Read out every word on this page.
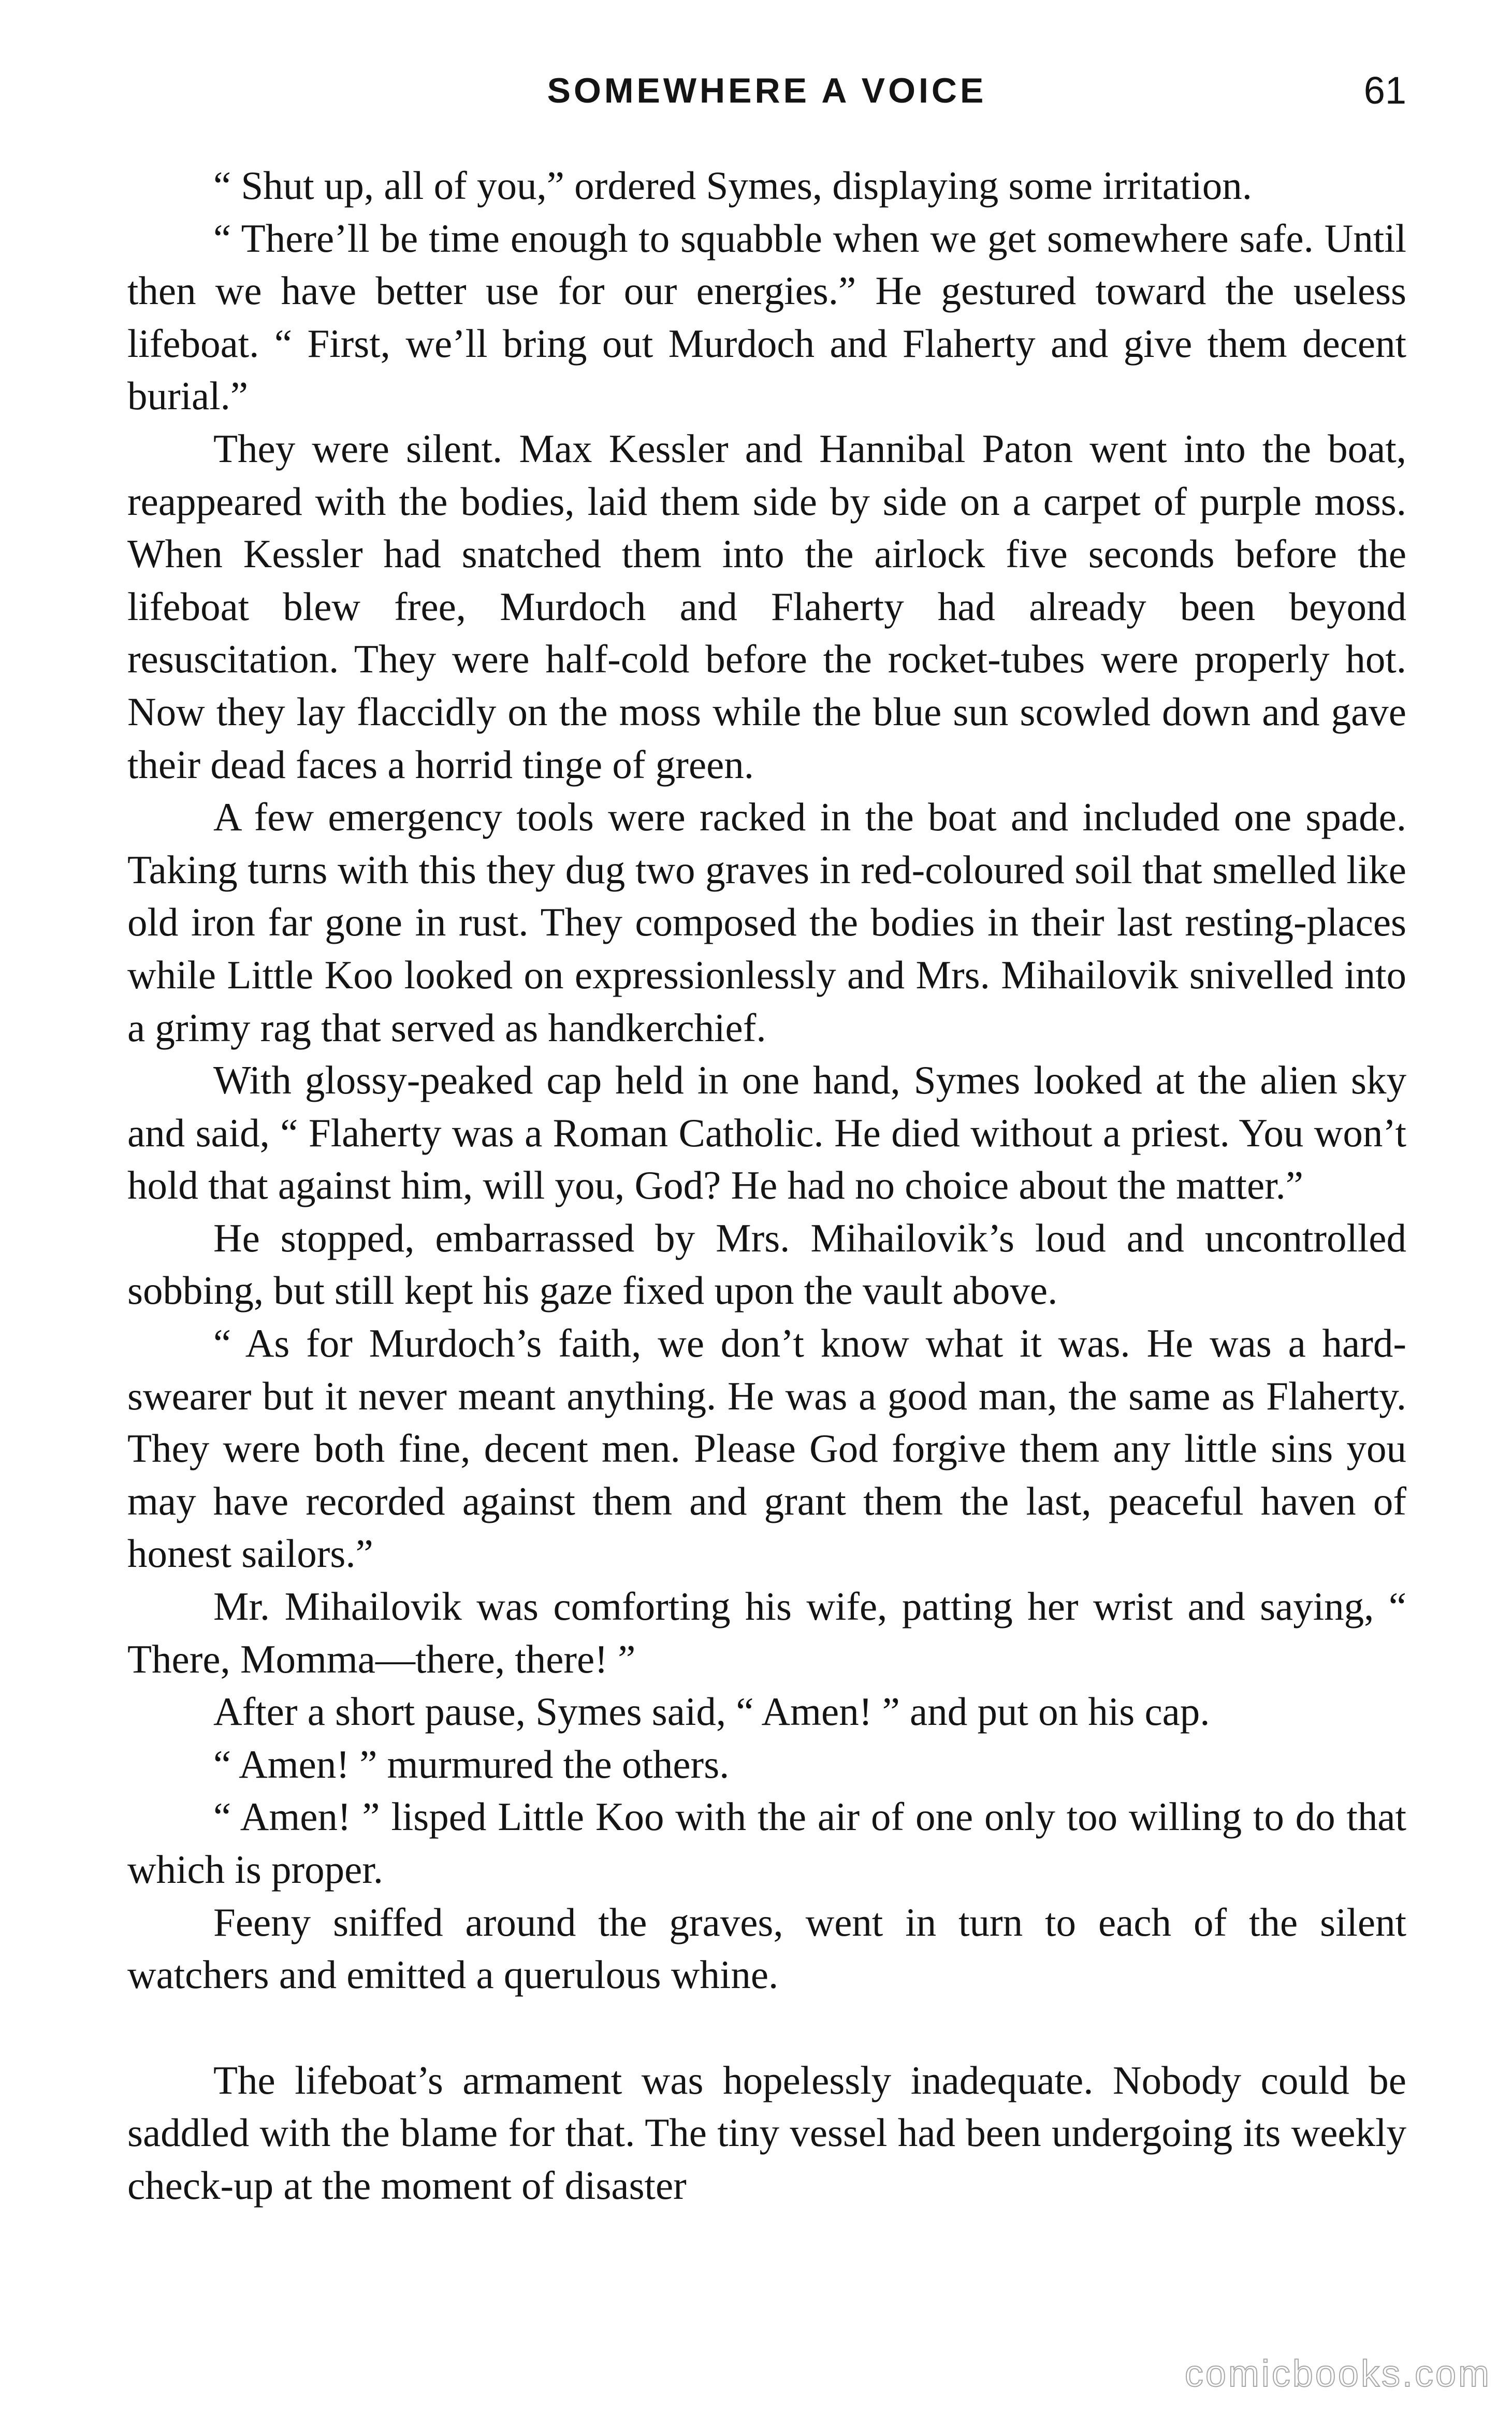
SOMEWHERE A VOICE	61

“ Shut up, all of you,” ordered Symes, displaying some irritation.

“ There’ll be time enough to squabble when we get somewhere safe. Until then we have better use for our energies.” He gestured toward the useless lifeboat. “ First, we’ll bring out Murdoch and Flaherty and give them decent burial.”

They were silent. Max Kessler and Hannibal Paton went into the boat, reappeared with the bodies, laid them side by side on a carpet of purple moss. When Kessler had snatched them into the airlock five seconds before the lifeboat blew free, Murdoch and Flaherty had already been beyond resuscitation. They were half-cold before the rocket-tubes were properly hot. Now they lay flaccidly on the moss while the blue sun scowled down and gave their dead faces a horrid tinge of green.

A few emergency tools were racked in the boat and included one spade. Taking turns with this they dug two graves in red-coloured soil that smelled like old iron far gone in rust. They composed the bodies in their last resting-places while Little Koo looked on expressionlessly and Mrs. Mihailovik snivelled into a grimy rag that served as handkerchief.

With glossy-peaked cap held in one hand, Symes looked at the alien sky and said, “ Flaherty was a Roman Catholic. He died without a priest. You won’t hold that against him, will you, God? He had no choice about the matter.”

He stopped, embarrassed by Mrs. Mihailovik’s loud and uncontrolled sobbing, but still kept his gaze fixed upon the vault above.

“ As for Murdoch’s faith, we don’t know what it was. He was a hard-swearer but it never meant anything. He was a good man, the same as Flaherty. They were both fine, decent men. Please God forgive them any little sins you may have recorded against them and grant them the last, peaceful haven of honest sailors.”

Mr. Mihailovik was comforting his wife, patting her wrist and saying, “ There, Momma—there, there! ”

After a short pause, Symes said, “ Amen! ” and put on his cap.

“ Amen! ” murmured the others.

“ Amen! ” lisped Little Koo with the air of one only too willing to do that which is proper.

Feeny sniffed around the graves, went in turn to each of the silent watchers and emitted a querulous whine.

The lifeboat’s armament was hopelessly inadequate. Nobody could be saddled with the blame for that. The tiny vessel had been undergoing its weekly check-up at the moment of disaster

comicbooks.com
